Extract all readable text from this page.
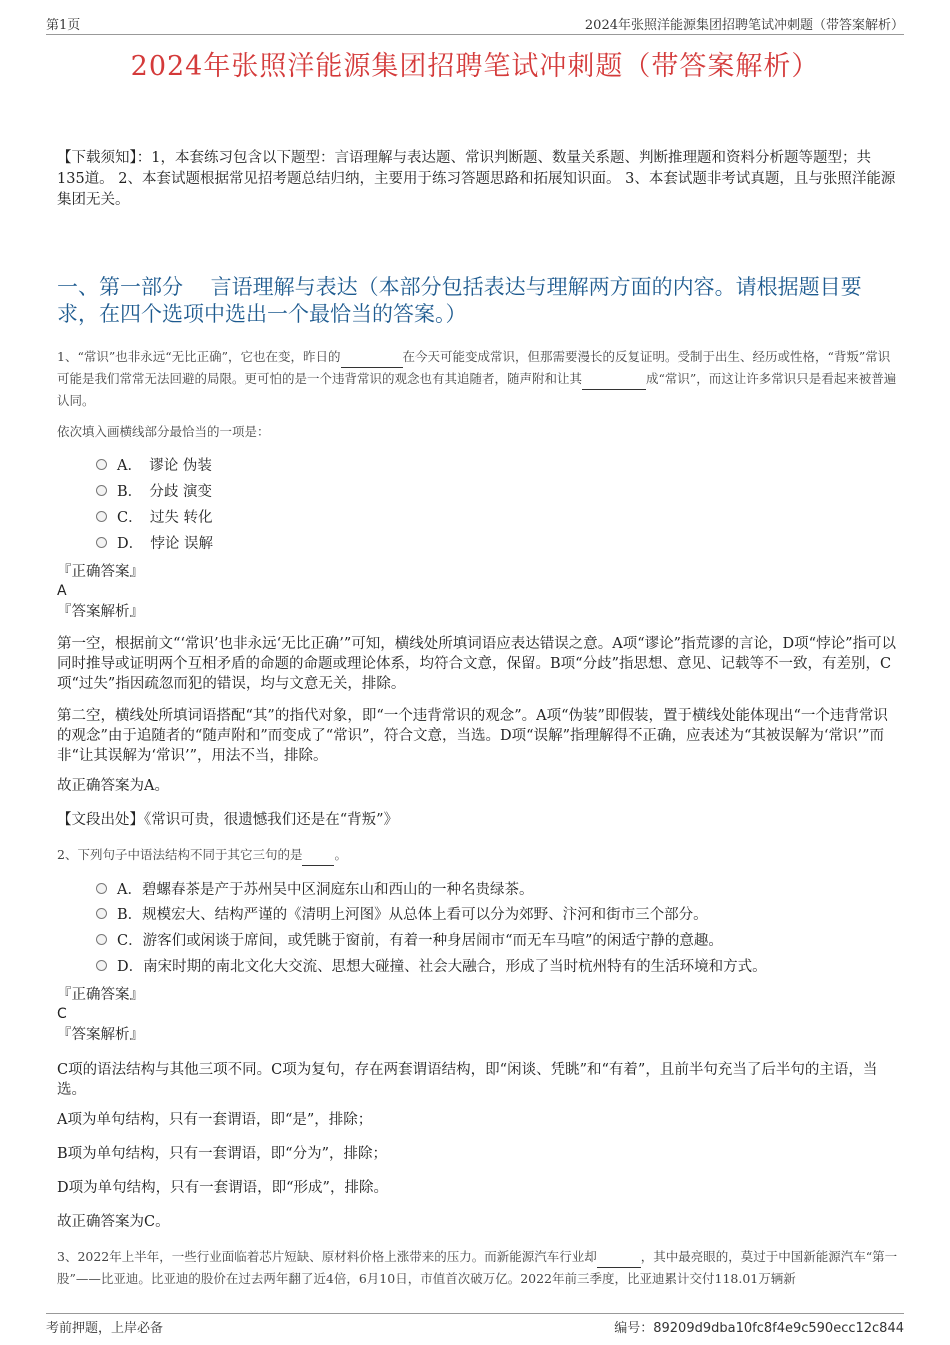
第1页	2024年张照洋能源集团招聘笔试冲刺题（带答案解析）
2024年张照洋能源集团招聘笔试冲刺题（带答案解析）
【下载须知】：1，本套练习包含以下题型：言语理解与表达题、常识判断题、数量关系题、判断推理题和资料分析题等题型；共135道。 2、本套试题根据常见招考题总结归纳，主要用于练习答题思路和拓展知识面。 3、本套试题非考试真题，且与张照洋能源集团无关。
一、第一部分　 言语理解与表达（本部分包括表达与理解两方面的内容。请根据题目要求，在四个选项中选出一个最恰当的答案。）
1、“常识”也非永远“无比正确”，它也在变，昨日的	在今天可能变成常识，但那需要漫长的反复证明。受制于出生、经历或性格，“背叛”常识可能是我们常常无法回避的局限。更可怕的是一个违背常识的观念也有其追随者，随声附和让其	成“常识”，而这让许多常识只是看起来被普遍认同。
依次填入画横线部分最恰当的一项是：
A．　谬论 伪装
B．　分歧 演变
C．　过失 转化
D．　悖论 误解
『正确答案』
A
『答案解析』
第一空，根据前文“‘常识’也非永远‘无比正确’”可知，横线处所填词语应表达错误之意。A项“谬论”指荒谬的言论，D项“悖论”指可以同时推导或证明两个互相矛盾的命题的命题或理论体系，均符合文意，保留。B项“分歧”指思想、意见、记载等不一致，有差别，C项“过失”指因疏忽而犯的错误，均与文意无关，排除。
第二空，横线处所填词语搭配“其”的指代对象，即“一个违背常识的观念”。A项“伪装”即假装，置于横线处能体现出“一个违背常识的观念”由于追随者的“随声附和”而变成了“常识”，符合文意，当选。D项“误解”指理解得不正确，应表述为“其被误解为‘常识’”而非“让其误解为‘常识’”，用法不当，排除。
故正确答案为A。
【文段出处】《常识可贵，很遗憾我们还是在“背叛”》
2、下列句子中语法结构不同于其它三句的是	。
A．碧螺春茶是产于苏州吴中区洞庭东山和西山的一种名贵绿茶。
B．规模宏大、结构严谨的《清明上河图》从总体上看可以分为郊野、汴河和街市三个部分。
C．游客们或闲谈于席间，或凭眺于窗前，有着一种身居闹市“而无车马喧”的闲适宁静的意趣。
D．南宋时期的南北文化大交流、思想大碰撞、社会大融合，形成了当时杭州特有的生活环境和方式。
『正确答案』
C
『答案解析』
C项的语法结构与其他三项不同。C项为复句，存在两套谓语结构，即“闲谈、凭眺”和“有着”，且前半句充当了后半句的主语，当选。
A项为单句结构，只有一套谓语，即“是”，排除；
B项为单句结构，只有一套谓语，即“分为”，排除；
D项为单句结构，只有一套谓语，即“形成”，排除。
故正确答案为C。
3、2022年上半年，一些行业面临着芯片短缺、原材料价格上涨带来的压力。而新能源汽车行业却	，其中最亮眼的，莫过于中国新能源汽车“第一股”——比亚迪。比亚迪的股价在过去两年翻了近4倍，6月10日，市值首次破万亿。2022年前三季度，比亚迪累计交付118.01万辆新
考前押题，上岸必备	编号：89209d9dba10fc8f4e9c590ecc12c844
